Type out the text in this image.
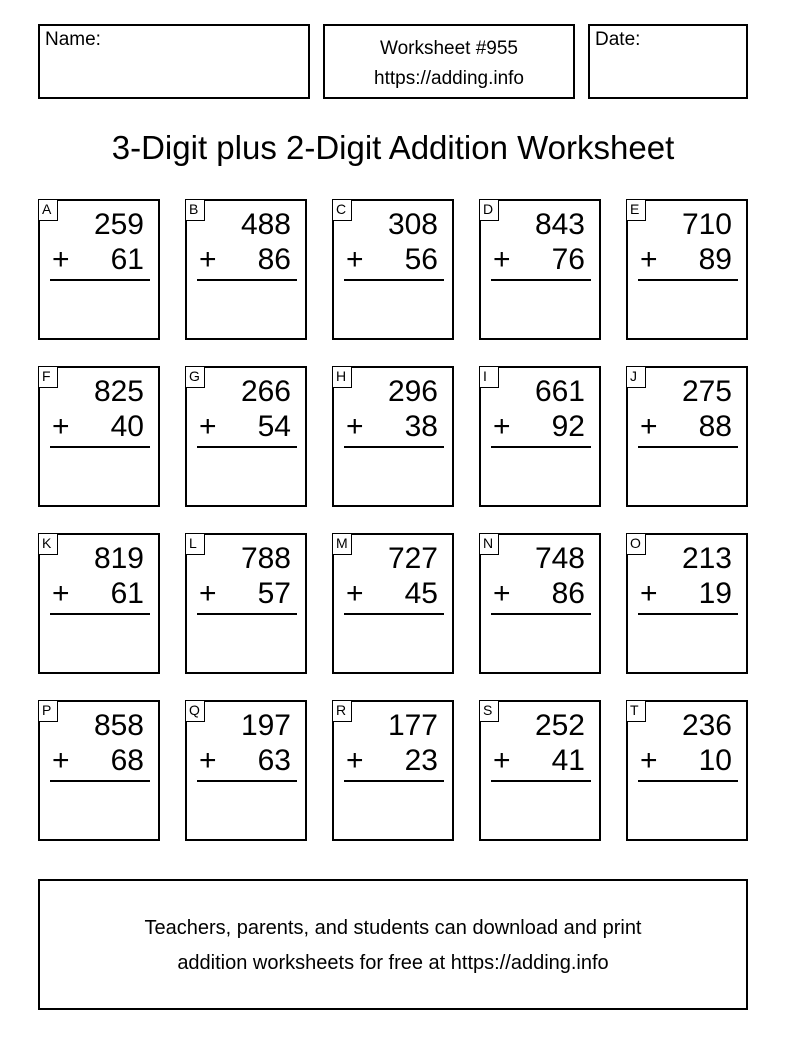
Name:	Worksheet #955
https://adding.info
Date:
3-Digit plus 2-Digit Addition Worksheet
A 259
+ 61
B 488
+ 86
C 308
+ 56
D 843
+ 76
E 710
+ 89
F 825
+ 40
G 266
+ 54
H 296
+ 38
I	661
+ 92
J	275
+ 88
K 819
+ 61
L 788
+ 57
M 727
+ 45
N 748
+ 86
O 213
+ 19
P 858
+ 68
Q 197
+ 63
R 177
+ 23
S 252
+ 41
T 236
+ 10
Teachers, parents, and students can download and print
addition worksheets for free at https://adding.info
